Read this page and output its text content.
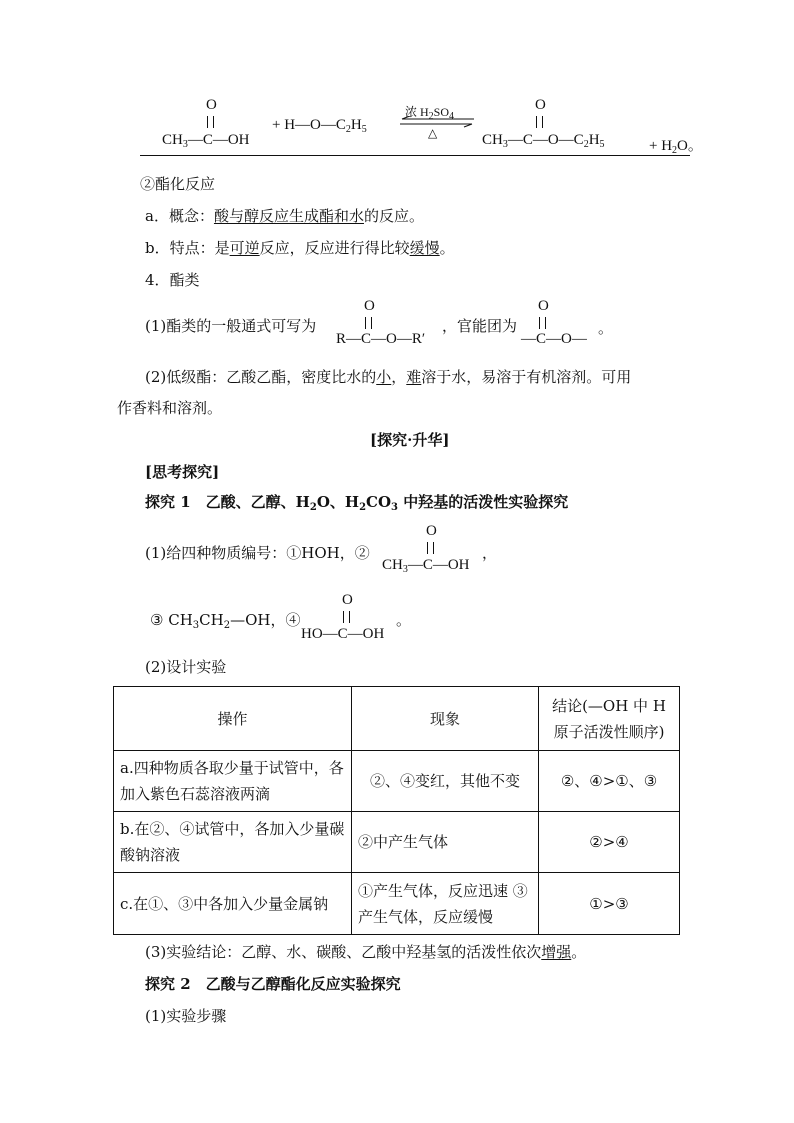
O
$CH_3—C—OH$
+ $H—O—C_2H_5$
浓 $H_2SO_4$
△
O
$CH_3—C—O—C_2H_5$	+ $H_2O$。
②酯化反应
a．概念：酸与醇反应生成酯和水的反应。
b．特点：是可逆反应，反应进行得比较缓慢。
4．酯类
(1)酯类的一般通式可写为
O
R—C—O—R′
，官能团为
O
—C—O—
。
(2)低级酯：乙酸乙酯，密度比水的小，难溶于水，易溶于有机溶剂。可用
作香料和溶剂。
[探究·升华]
[思考探究]
探究 1　乙酸、乙醇、$H_2O$、$H_2CO_3$ 中羟基的活泼性实验探究
(1)给四种物质编号：①HOH，②
O
$CH_3—C—OH$
，
③ $CH_3CH_2—OH$，④
O
HO—C—OH
。
(2)设计实验
操作	现象	结论(—OH 中 H 原子活泼性顺序)
a.四种物质各取少量于试管中，各加入紫色石蕊溶液两滴	②、④变红，其他不变	②、④>①、③
b.在②、④试管中，各加入少量碳酸钠溶液	②中产生气体	②>④
c.在①、③中各加入少量金属钠	①产生气体，反应迅速 ③产生气体，反应缓慢	①>③
(3)实验结论：乙醇、水、碳酸、乙酸中羟基氢的活泼性依次增强。
探究 2　乙酸与乙醇酯化反应实验探究
(1)实验步骤
